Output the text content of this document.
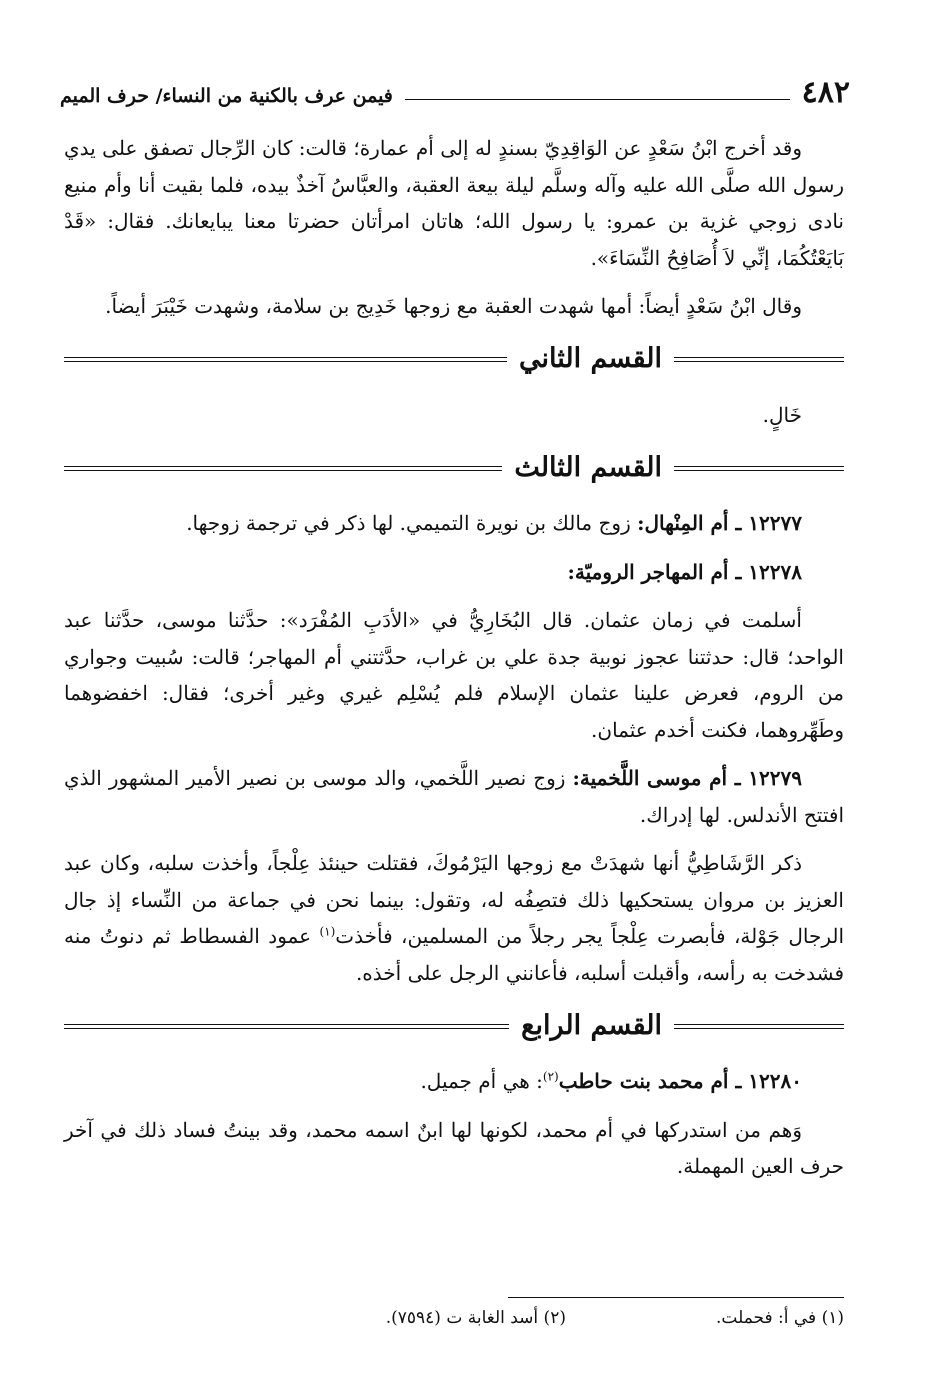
٤٨٢
فيمن عرف بالكنية من النساء/ حرف الميم

وقد أخرج ابْنُ سَعْدٍ عن الوَاقِدِيّ بسندٍ له إلى أم عمارة؛ قالت: كان الرِّجال تصفق على يدي رسول الله صلَّى الله عليه وآله وسلَّم ليلة بيعة العقبة، والعبَّاسُ آخذٌ بيده، فلما بقيت أنا وأم منيع نادى زوجي غزية بن عمرو: يا رسول الله؛ هاتان امرأتان حضرتا معنا يبايعانك. فقال: «قَدْ بَايَعْتُكُمَا، إنِّي لاَ أُصَافِحُ النِّسَاءَ».

وقال ابْنُ سَعْدٍ أيضاً: أمها شهدت العقبة مع زوجها خَدِيج بن سلامة، وشهدت خَيْبَرَ أيضاً.

القسم الثاني

خَالٍ.

القسم الثالث

١٢٢٧٧ ـ أم المِنْهال: زوج مالك بن نويرة التميمي. لها ذكر في ترجمة زوجها.

١٢٢٧٨ ـ أم المهاجر الروميّة:

أسلمت في زمان عثمان. قال البُخَارِيُّ في «الأدَبِ المُفْرَد»: حدَّثنا موسى، حدَّثنا عبد الواحد؛ قال: حدثتنا عجوز نوبية جدة علي بن غراب، حدَّثتني أم المهاجر؛ قالت: سُبيت وجواري من الروم، فعرض علينا عثمان الإسلام فلم يُسْلِم غيري وغير أخرى؛ فقال: اخفضوهما وطَهِّروهما، فكنت أخدم عثمان.

١٢٢٧٩ ـ أم موسى اللَّخمية: زوج نصير اللَّخمي، والد موسى بن نصير الأمير المشهور الذي افتتح الأندلس. لها إدراك.

ذكر الرَّشَاطِيُّ أنها شهدَتْ مع زوجها اليَرْمُوكَ، فقتلت حينئذ عِلْجاً، وأخذت سلبه، وكان عبد العزيز بن مروان يستحكيها ذلك فتصِفُه له، وتقول: بينما نحن في جماعة من النِّساء إذ جال الرجال جَوْلة، فأبصرت عِلْجاً يجر رجلاً من المسلمين، فأخذت$^{(١)}$ عمود الفسطاط ثم دنوتُ منه فشدخت به رأسه، وأقبلت أسلبه، فأعانني الرجل على أخذه.

القسم الرابع

١٢٢٨٠ ـ أم محمد بنت حاطب$^{(٢)}$: هي أم جميل.

وَهم من استدركها في أم محمد، لكونها لها ابنٌ اسمه محمد، وقد بينتُ فساد ذلك في آخر حرف العين المهملة.

(١) في أ: فحملت.
(٢) أسد الغابة ت (٧٥٩٤).
